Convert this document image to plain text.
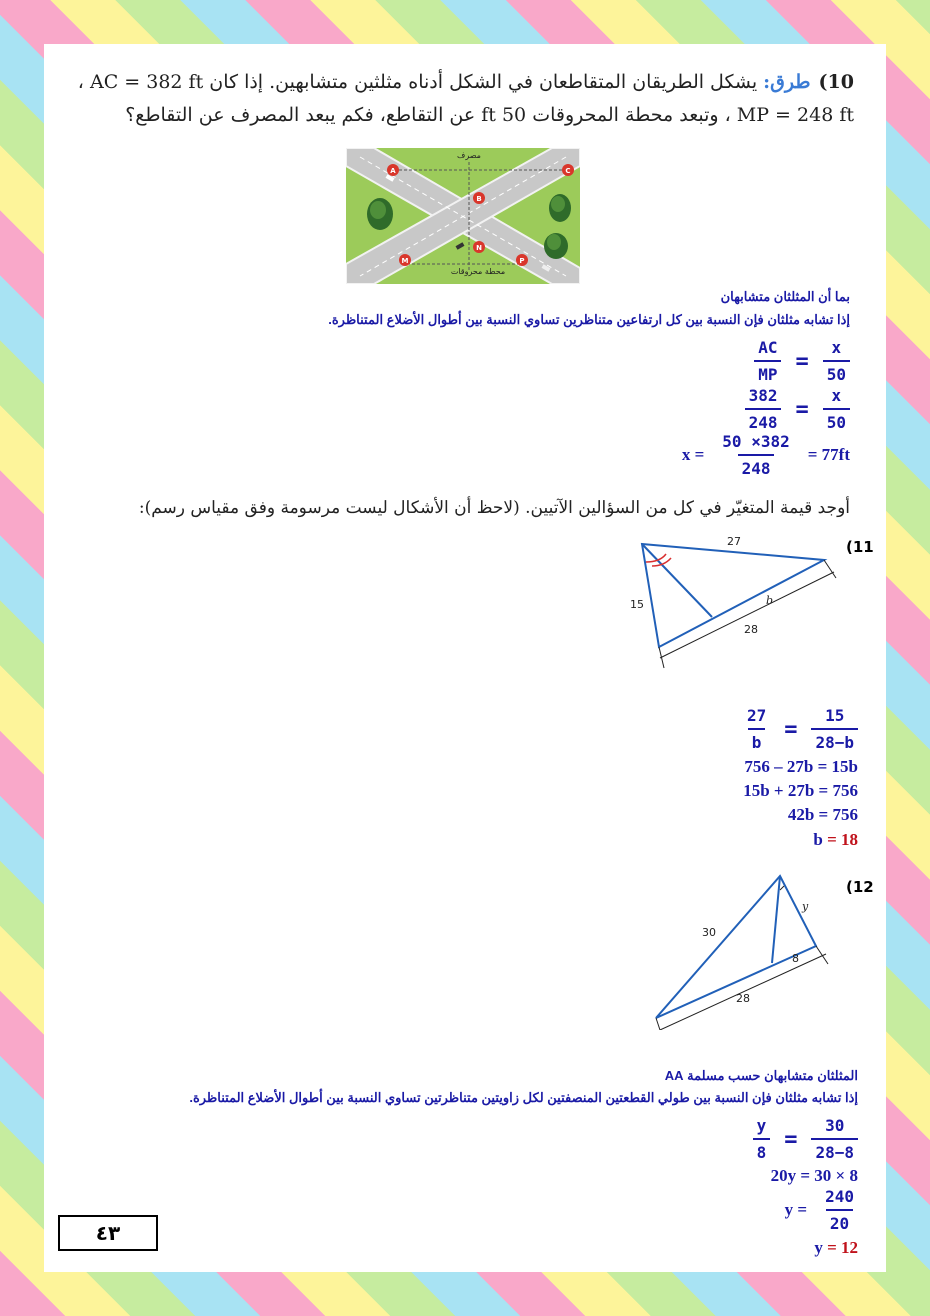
10)طرق:يشكل الطريقان المتقاطعان في الشكل أدناه مثلثين متشابهين. إذا كان AC = 382 ft ،
MP = 248 ft ، وتبعد محطة المحروقات 50 ft عن التقاطع، فكم يبعد المصرف عن التقاطع؟
مصرف
محطة محروقات
A	C
B
N
M	P
بما أن المثلثان متشابهان
إذا تشابه مثلثان فإن النسبة بين كل ارتفاعين متناظرين تساوي النسبة بين أطوال الأضلاع المتناظرة.
$\frac{AC}{MP} = \frac{x}{50}$
$\frac{382}{248} = \frac{x}{50}$
$x = \frac{50 \times 382}{248} = 77ft$
أوجد قيمة المتغيّر في كل من السؤالين الآتيين. (لاحظ أن الأشكال ليست مرسومة وفق مقياس رسم):
(11
27
15	b
28
$\frac{27}{b} = \frac{15}{28-b}$
756 – 27b = 15b
15b + 27b = 756
42b = 756
b = 18
(12
30
y
8
28
المثلثان متشابهان حسب مسلمة AA
إذا تشابه مثلثان فإن النسبة بين طولي القطعتين المنصفتين لكل زاويتين متناظرتين تساوي النسبة بين أطوال الأضلاع المتناظرة.
$\frac{y}{8} = \frac{30}{28-8}$
20y = 30 × 8
$y = \frac{240}{20}$
y = 12
٤٣
